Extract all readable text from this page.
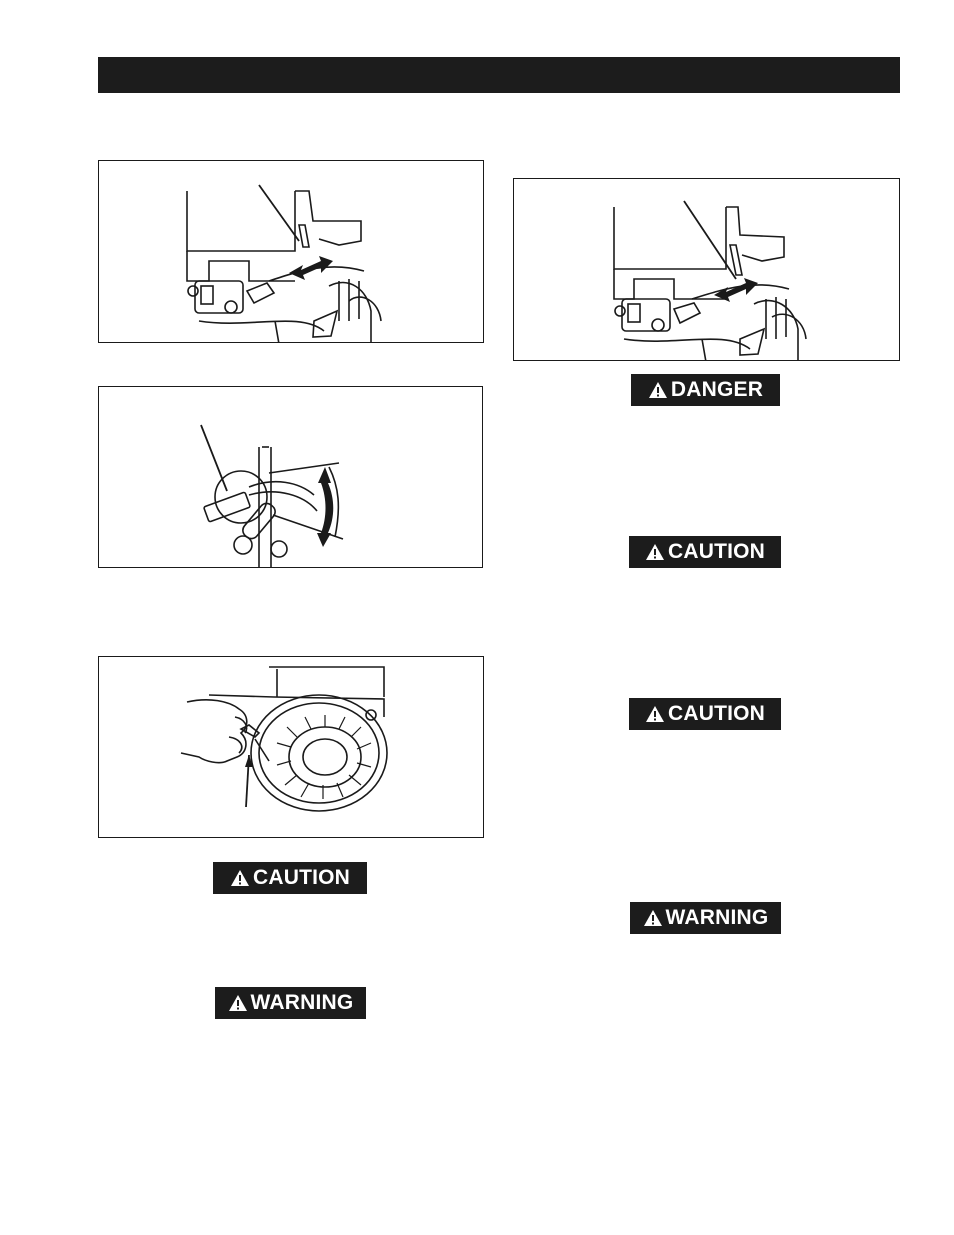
DANGER
CAUTION
CAUTION
WARNING
CAUTION
WARNING
